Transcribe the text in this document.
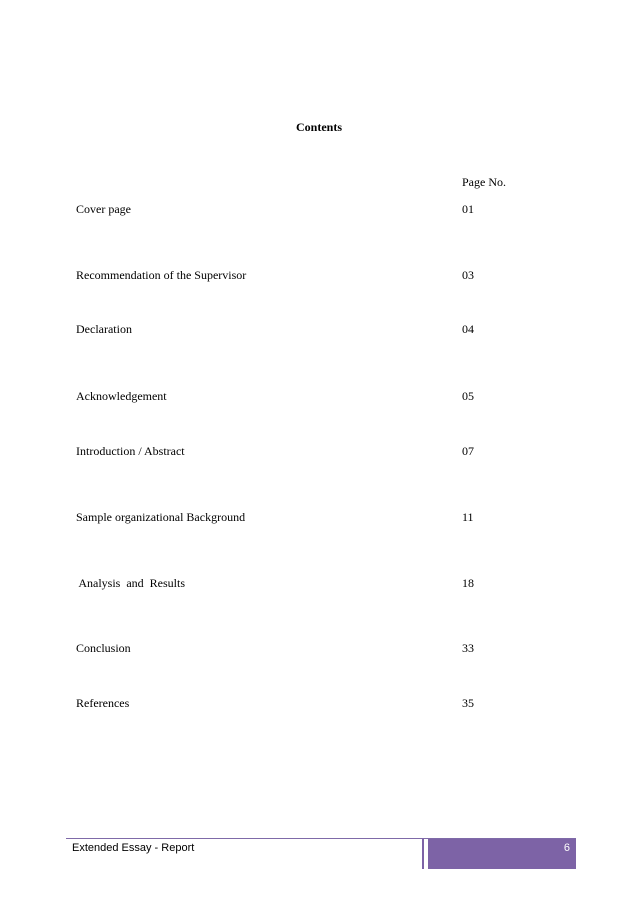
Contents
Page No.
Cover page	01
Recommendation of the Supervisor	03
Declaration	04
Acknowledgement	05
Introduction / Abstract	07
Sample organizational Background	11
Analysis  and  Results	18
Conclusion	33
References	35
Extended Essay - Report	6
